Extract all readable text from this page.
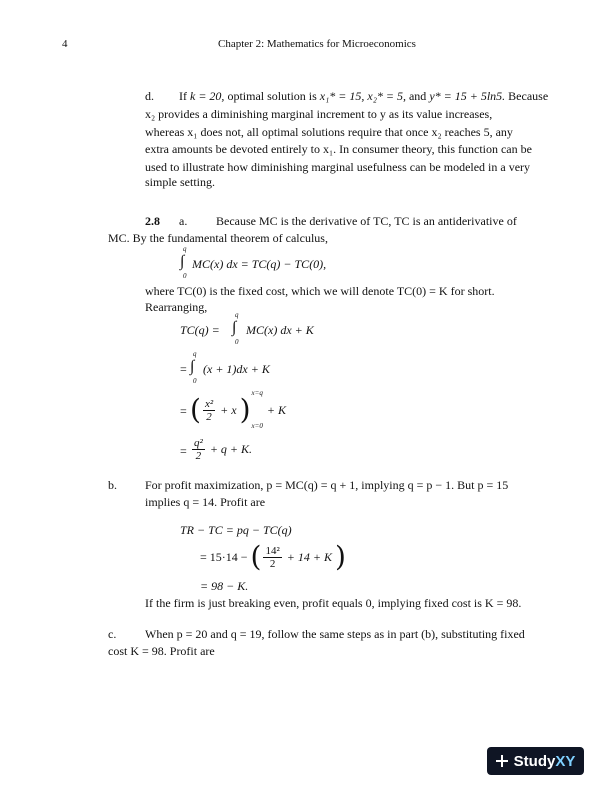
4	Chapter 2: Mathematics for Microeconomics
d. If k = 20, optimal solution is x₁* = 15, x₂* = 5, and y* = 15 + 5ln5. Because
x₂ provides a diminishing marginal increment to y as its value increases,
whereas x₁ does not, all optimal solutions require that once x₂ reaches 5, any
extra amounts be devoted entirely to x₁. In consumer theory, this function can be
used to illustrate how diminishing marginal usefulness can be modeled in a very
simple setting.
2.8 a. Because MC is the derivative of TC, TC is an antiderivative of
MC. By the fundamental theorem of calculus,
q
∫
0
MC(x) dx = TC(q) − TC(0),
where TC(0) is the fixed cost, which we will denote TC(0) = K for short.
Rearranging,
TC(q) =
q
∫
0
MC(x) dx + K
=
q
∫
0
(x + 1)dx + K
= ( $\frac{\text{x²}}{2} + x$ ) x=q
x=0
+ K
= $\frac{\text{q²}}{2} + q + K$.
b. For profit maximization, p = MC(q) = q + 1, implying q = p − 1. But p = 15
implies q = 14. Profit are
TR − TC = pq − TC(q)
= 15·14 − ( $\frac{\text{14²}}{2} + 14 + K$ )
= 98 − K.
If the firm is just breaking even, profit equals 0, implying fixed cost is K = 98.
c. When p = 20 and q = 19, follow the same steps as in part (b), substituting fixed
cost K = 98. Profit are
StudyXY
